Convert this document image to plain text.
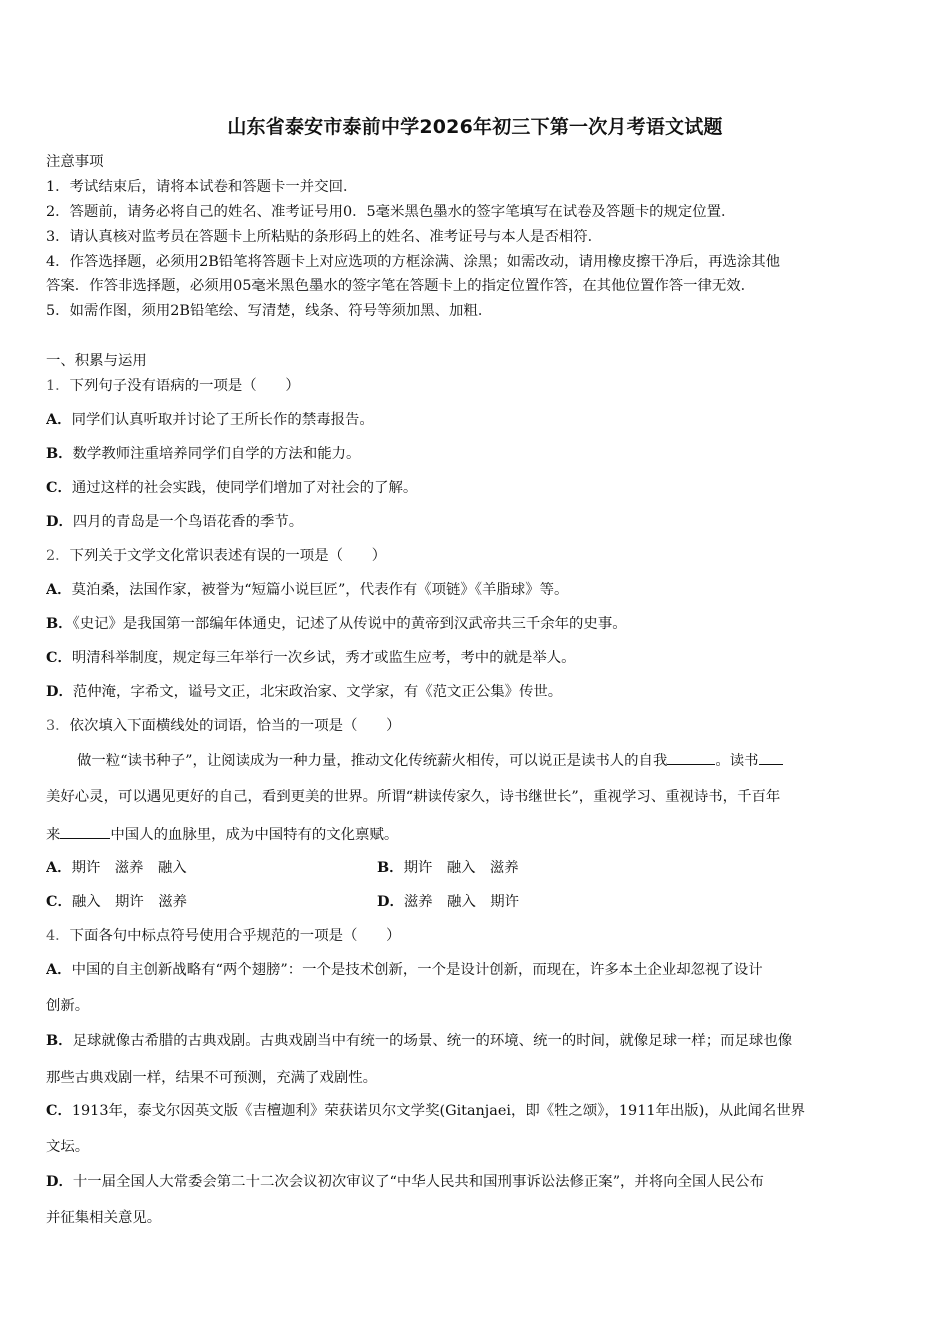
山东省泰安市泰前中学2026年初三下第一次月考语文试题
注意事项
1．考试结束后，请将本试卷和答题卡一并交回．
2．答题前，请务必将自己的姓名、准考证号用0．5毫米黑色墨水的签字笔填写在试卷及答题卡的规定位置．
3．请认真核对监考员在答题卡上所粘贴的条形码上的姓名、准考证号与本人是否相符．
4．作答选择题，必须用2B铅笔将答题卡上对应选项的方框涂满、涂黑；如需改动，请用橡皮擦干净后，再选涂其他
答案．作答非选择题，必须用05毫米黑色墨水的签字笔在答题卡上的指定位置作答，在其他位置作答一律无效．
5．如需作图，须用2B铅笔绘、写清楚，线条、符号等须加黑、加粗．
一、积累与运用
1．下列句子没有语病的一项是（　　）
A．同学们认真听取并讨论了王所长作的禁毒报告。
B．数学教师注重培养同学们自学的方法和能力。
C．通过这样的社会实践，使同学们增加了对社会的了解。
D．四月的青岛是一个鸟语花香的季节。
2．下列关于文学文化常识表述有误的一项是（　　）
A．莫泊桑，法国作家，被誉为“短篇小说巨匠”，代表作有《项链》《羊脂球》等。
B．《史记》是我国第一部编年体通史，记述了从传说中的黄帝到汉武帝共三千余年的史事。
C．明清科举制度，规定每三年举行一次乡试，秀才或监生应考，考中的就是举人。
D．范仲淹，字希文，谥号文正，北宋政治家、文学家，有《范文正公集》传世。
3．依次填入下面横线处的词语，恰当的一项是（　　）
做一粒“读书种子”，让阅读成为一种力量，推动文化传统薪火相传，可以说正是读书人的自我	。读书
美好心灵，可以遇见更好的自己，看到更美的世界。所谓“耕读传家久，诗书继世长”，重视学习、重视诗书，千百年
来	中国人的血脉里，成为中国特有的文化禀赋。
A．期许　滋养　融入	B．期许　融入　滋养
C．融入　期许　滋养	D．滋养　融入　期许
4．下面各句中标点符号使用合乎规范的一项是（　　）
A．中国的自主创新战略有“两个翅膀”：一个是技术创新，一个是设计创新，而现在，许多本土企业却忽视了设计
创新。
B．足球就像古希腊的古典戏剧。古典戏剧当中有统一的场景、统一的环境、统一的时间，就像足球一样；而足球也像
那些古典戏剧一样，结果不可预测，充满了戏剧性。
C．1913年，泰戈尔因英文版《吉檀迦利》荣获诺贝尔文学奖(Gitanjaei，即《牲之颂》，1911年出版)，从此闻名世界
文坛。
D．十一届全国人大常委会第二十二次会议初次审议了“中华人民共和国刑事诉讼法修正案”，并将向全国人民公布
并征集相关意见。
